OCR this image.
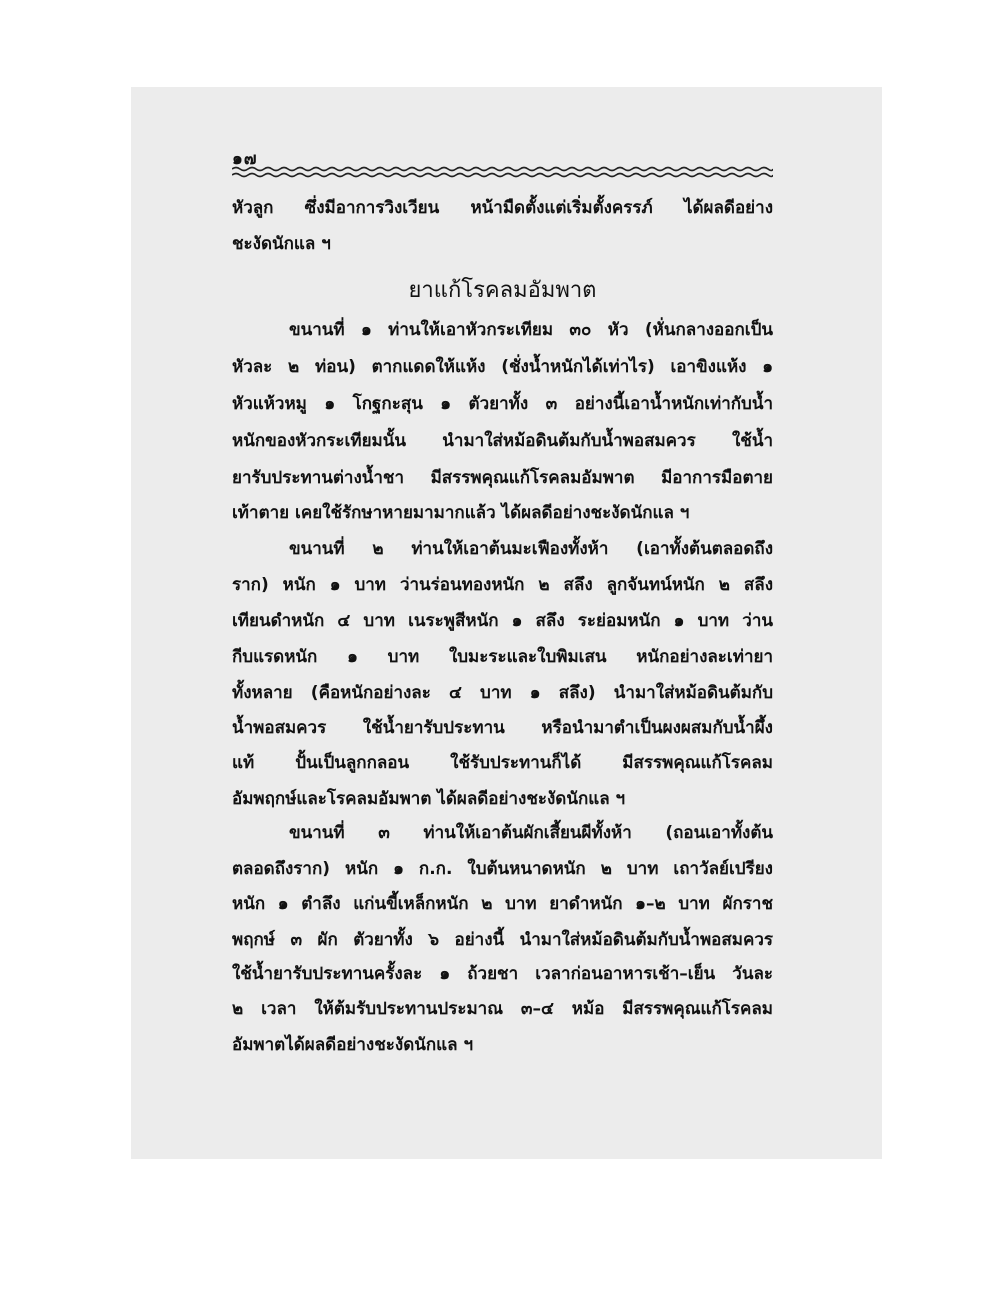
๑๗
หัวลูก ซึ่งมีอาการวิงเวียน หน้ามืดตั้งแต่เริ่มตั้งครรภ์ ได้ผลดีอย่าง
ชะงัดนักแล ฯ
ยาแก้โรคลมอัมพาต
ขนานที่ ๑ ท่านให้เอาหัวกระเทียม ๓๐ หัว (หั่นกลางออกเป็น
หัวละ ๒ ท่อน) ตากแดดให้แห้ง (ชั่งน้ำหนักได้เท่าไร) เอาขิงแห้ง ๑
หัวแห้วหมู ๑ โกฐกะสุน ๑ ตัวยาทั้ง ๓ อย่างนี้เอาน้ำหนักเท่ากับน้ำ
หนักของหัวกระเทียมนั้น นำมาใส่หม้อดินต้มกับน้ำพอสมควร ใช้น้ำ
ยารับประทานต่างน้ำชา มีสรรพคุณแก้โรคลมอัมพาต มีอาการมือตาย
เท้าตาย เคยใช้รักษาหายมามากแล้ว ได้ผลดีอย่างชะงัดนักแล ฯ
ขนานที่ ๒ ท่านให้เอาต้นมะเฟืองทั้งห้า (เอาทั้งต้นตลอดถึง
ราก) หนัก ๑ บาท ว่านร่อนทองหนัก ๒ สลึง ลูกจันทน์หนัก ๒ สลึง
เทียนดำหนัก ๔ บาท เนระพูสีหนัก ๑ สลึง ระย่อมหนัก ๑ บาท ว่าน
กีบแรดหนัก ๑ บาท ใบมะระและใบพิมเสน หนักอย่างละเท่ายา
ทั้งหลาย (คือหนักอย่างละ ๔ บาท ๑ สลึง) นำมาใส่หม้อดินต้มกับ
น้ำพอสมควร ใช้น้ำยารับประทาน หรือนำมาตำเป็นผงผสมกับน้ำผึ้ง
แท้ ปั้นเป็นลูกกลอน ใช้รับประทานก็ได้ มีสรรพคุณแก้โรคลม
อัมพฤกษ์และโรคลมอัมพาต ได้ผลดีอย่างชะงัดนักแล ฯ
ขนานที่ ๓ ท่านให้เอาต้นผักเสี้ยนผีทั้งห้า (ถอนเอาทั้งต้น
ตลอดถึงราก) หนัก ๑ ก.ก. ใบต้นหนาดหนัก ๒ บาท เถาวัลย์เปรียง
หนัก ๑ ตำลึง แก่นขี้เหล็กหนัก ๒ บาท ยาดำหนัก ๑–๒ บาท ผักราช
พฤกษ์ ๓ ผัก ตัวยาทั้ง ๖ อย่างนี้ นำมาใส่หม้อดินต้มกับน้ำพอสมควร
ใช้น้ำยารับประทานครั้งละ ๑ ถ้วยชา เวลาก่อนอาหารเช้า–เย็น วันละ
๒ เวลา ให้ต้มรับประทานประมาณ ๓–๔ หม้อ มีสรรพคุณแก้โรคลม
อัมพาตได้ผลดีอย่างชะงัดนักแล ฯ
